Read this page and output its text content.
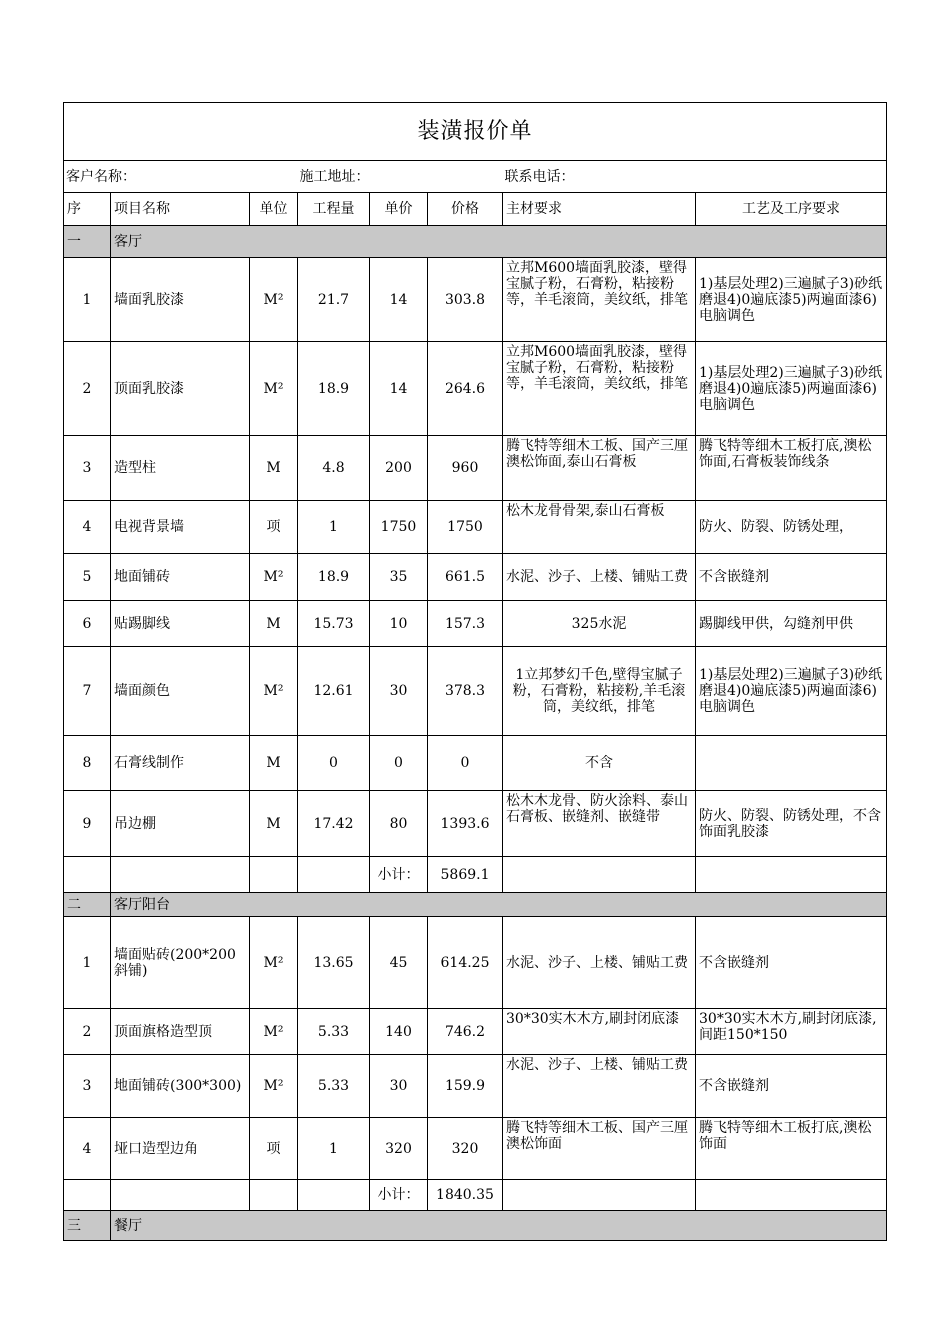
装潢报价单							
客户名称：			施工地址：			联系电话：	
序	项目名称	单位	工程量	单价	价格	主材要求	工艺及工序要求
一	客厅						
1	墙面乳胶漆	M²	21.7	14	303.8	立邦M600墙面乳胶漆，壁得宝腻子粉，石膏粉，粘接粉等，羊毛滚筒，美纹纸，排笔	1)基层处理2)三遍腻子3)砂纸磨退4)0遍底漆5)两遍面漆6)电脑调色
2	顶面乳胶漆	M²	18.9	14	264.6	立邦M600墙面乳胶漆，壁得宝腻子粉，石膏粉，粘接粉等，羊毛滚筒，美纹纸，排笔	1)基层处理2)三遍腻子3)砂纸磨退4)0遍底漆5)两遍面漆6)电脑调色
3	造型柱	M	4.8	200	960	腾飞特等细木工板、国产三厘澳松饰面,泰山石膏板	腾飞特等细木工板打底,澳松饰面,石膏板装饰线条
4	电视背景墙	项	1	1750	1750	松木龙骨骨架,泰山石膏板	防火、防裂、防锈处理，
5	地面铺砖	M²	18.9	35	661.5	水泥、沙子、上楼、铺贴工费	不含嵌缝剂
6	贴踢脚线	M	15.73	10	157.3	325水泥	踢脚线甲供，勾缝剂甲供
7	墙面颜色	M²	12.61	30	378.3	1立邦梦幻千色,壁得宝腻子粉，石膏粉，粘接粉,羊毛滚筒，美纹纸，排笔	1)基层处理2)三遍腻子3)砂纸磨退4)0遍底漆5)两遍面漆6)电脑调色
8	石膏线制作	M	0	0	0	不含	
9	吊边棚	M	17.42	80	1393.6	松木木龙骨、防火涂料、泰山石膏板、嵌缝剂、嵌缝带	防火、防裂、防锈处理，不含饰面乳胶漆
				小计：	5869.1		
二	客厅阳台						
1	墙面贴砖(200*200斜铺)	M²	13.65	45	614.25	水泥、沙子、上楼、铺贴工费	不含嵌缝剂
2	顶面旗格造型顶	M²	5.33	140	746.2	30*30实木木方,刷封闭底漆	30*30实木木方,刷封闭底漆,间距150*150
3	地面铺砖(300*300)	M²	5.33	30	159.9	水泥、沙子、上楼、铺贴工费	不含嵌缝剂
4	垭口造型边角	项	1	320	320	腾飞特等细木工板、国产三厘澳松饰面	腾飞特等细木工板打底,澳松饰面
				小计：	1840.35		
三	餐厅						
